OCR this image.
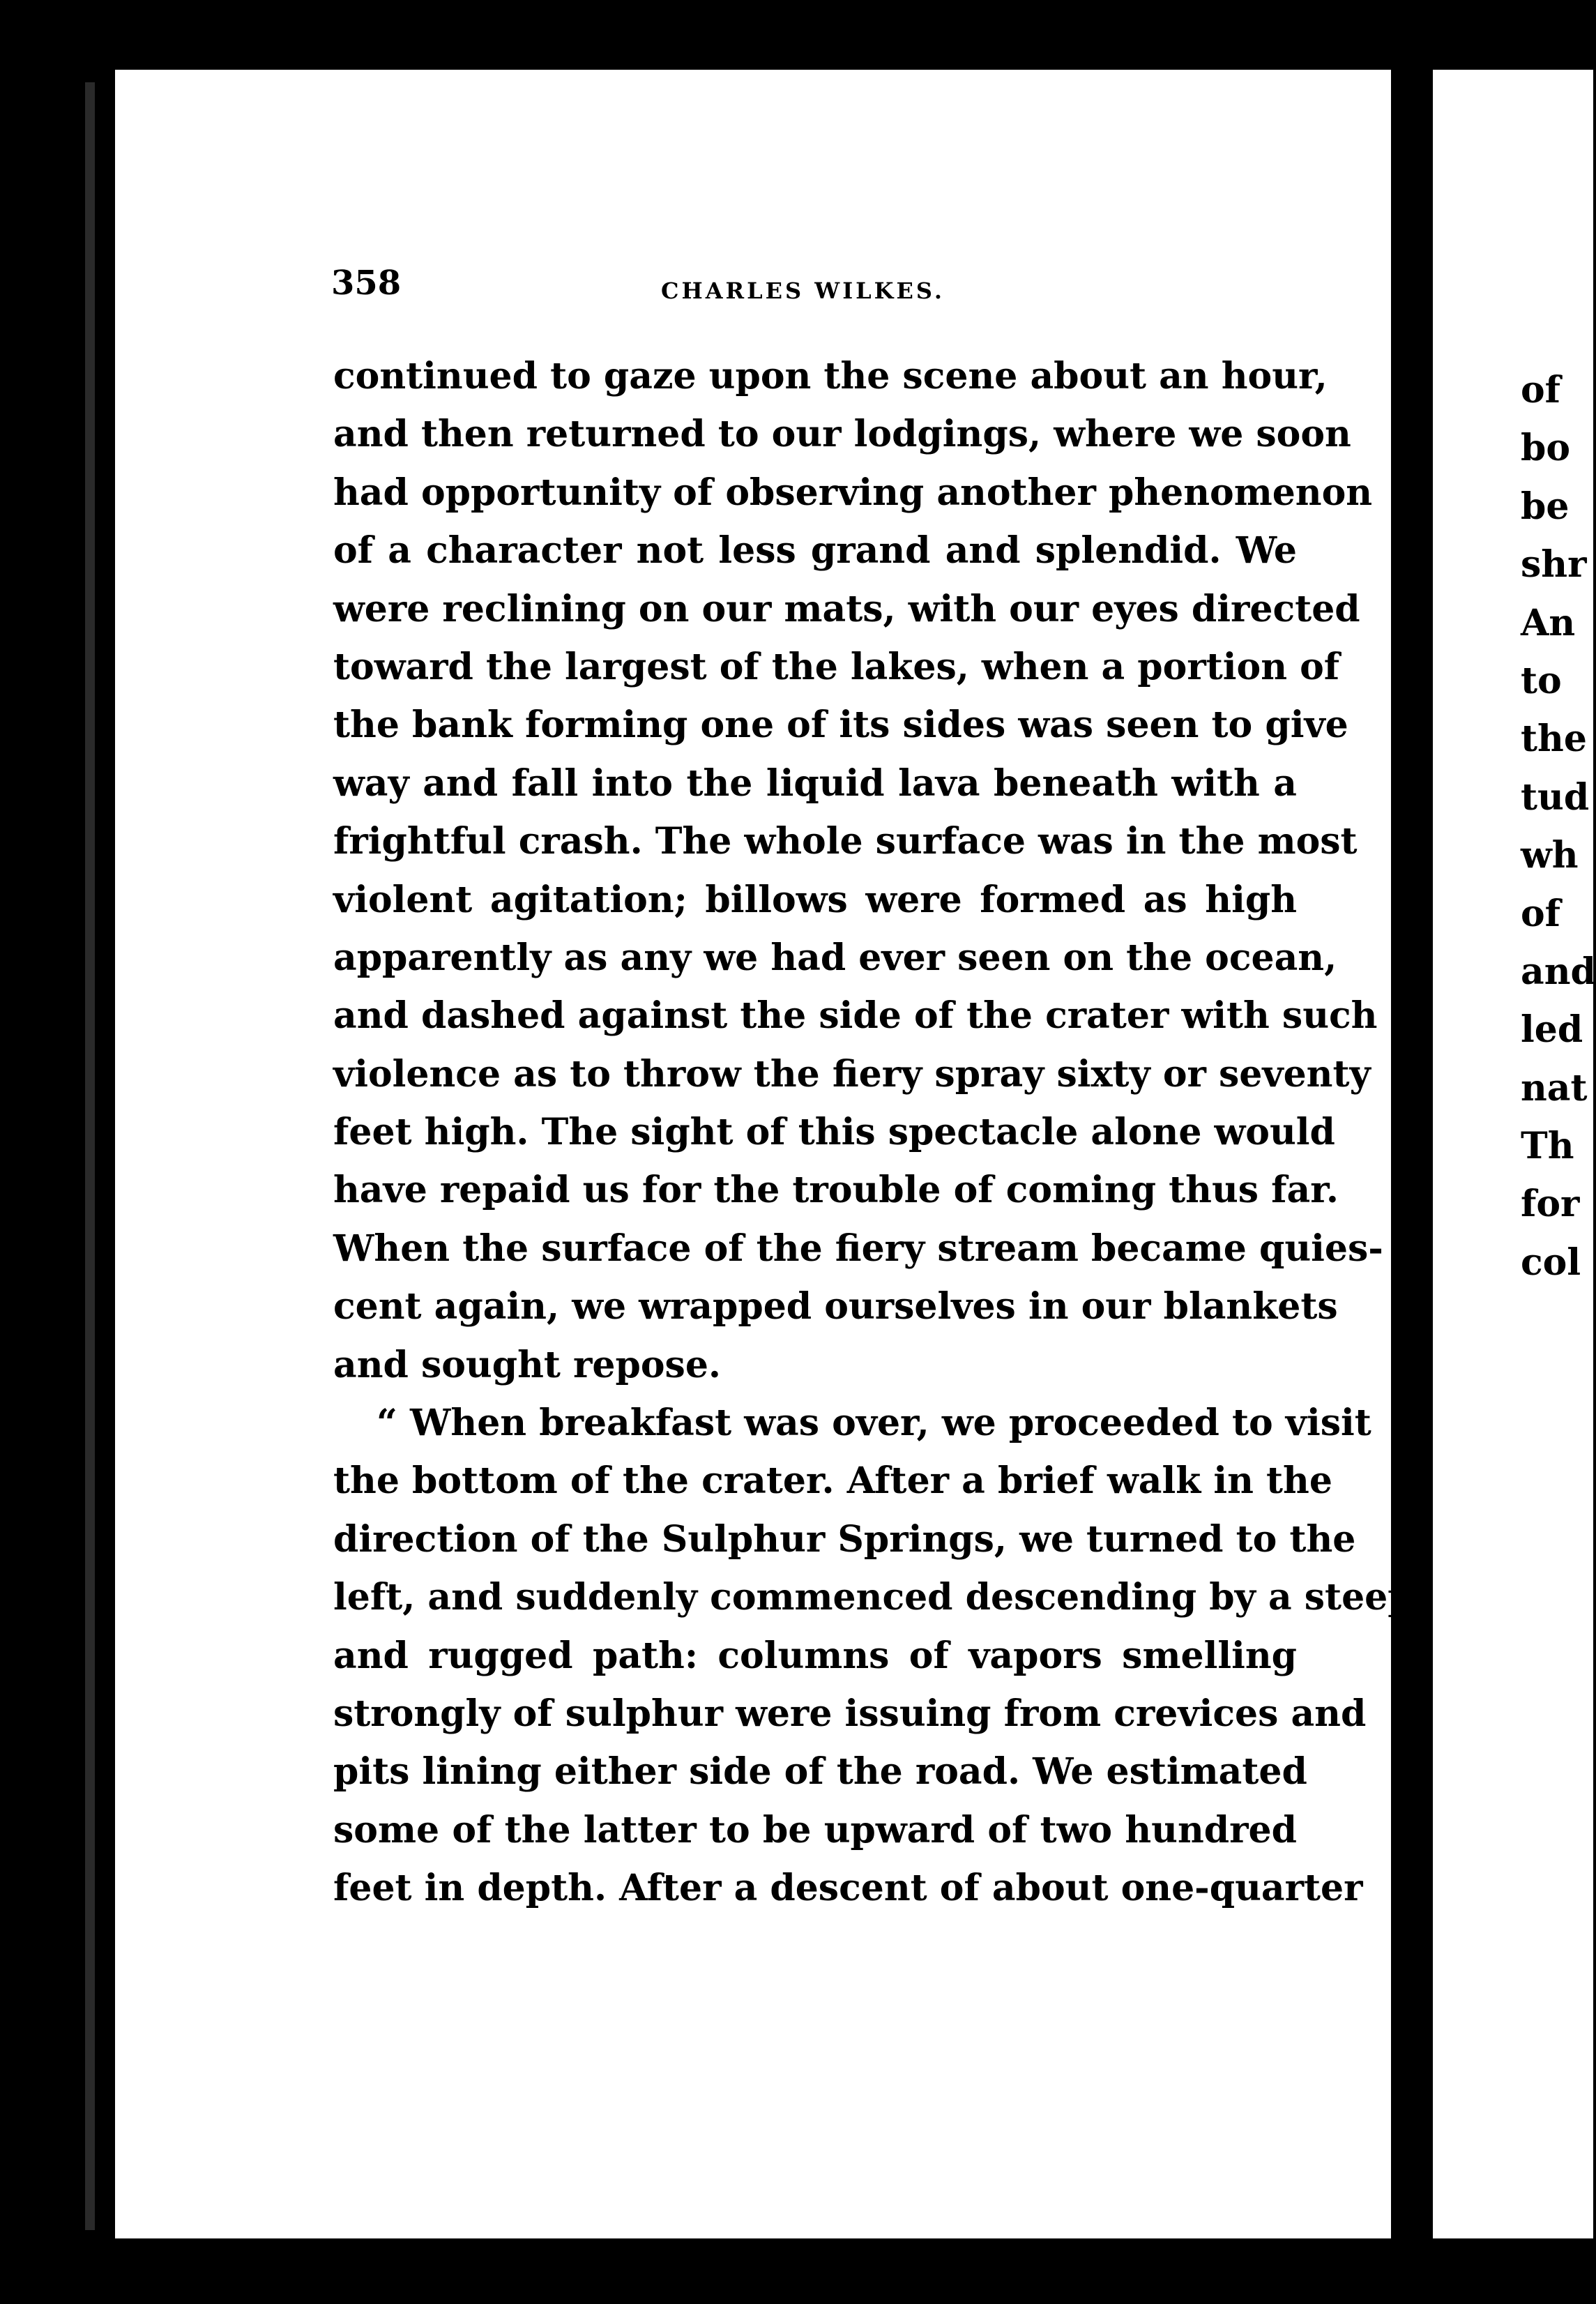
358	CHARLES WILKES.
continued to gaze upon the scene about an hour,
and then returned to our lodgings, where we soon
had opportunity of observing another phenomenon
of a character not less grand and splendid. We
were reclining on our mats, with our eyes directed
toward the largest of the lakes, when a portion of
the bank forming one of its sides was seen to give
way and fall into the liquid lava beneath with a
frightful crash. The whole surface was in the most
violent agitation; billows were formed as high
apparently as any we had ever seen on the ocean,
and dashed against the side of the crater with such
violence as to throw the fiery spray sixty or seventy
feet high. The sight of this spectacle alone would
have repaid us for the trouble of coming thus far.
When the surface of the fiery stream became quies-
cent again, we wrapped ourselves in our blankets
and sought repose.
“ When breakfast was over, we proceeded to visit
the bottom of the crater. After a brief walk in the
direction of the Sulphur Springs, we turned to the
left, and suddenly commenced descending by a steep
and rugged path: columns of vapors smelling
strongly of sulphur were issuing from crevices and
pits lining either side of the road. We estimated
some of the latter to be upward of two hundred
feet in depth. After a descent of about one-quarter
of
bo
be
shr
An
to
the
tud
wh
of
and
led
nat
Th
for
col
